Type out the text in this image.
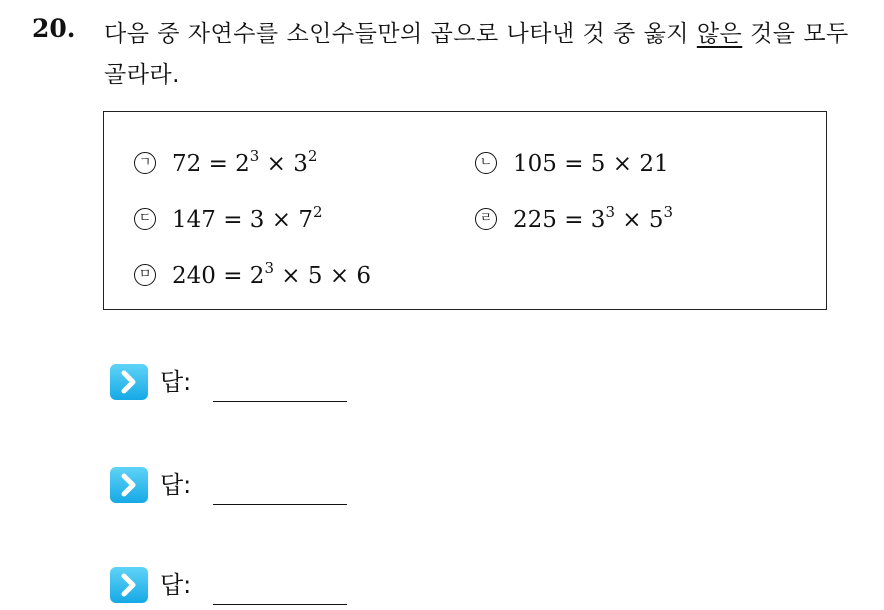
20. 다음 중 자연수를 소인수들만의 곱으로 나타낸 것 중 옳지 않은 것을 모두 골라라.
ㄱ $72 = 2^3 \times 3^2$	ㄴ 105 = 5 × 21
ㄷ $147 = 3 \times 7^2$	ㄹ $225 = 3^3 \times 5^3$
ㅁ $240 = 2^3 \times 5 \times 6$
답:
답:
답:
